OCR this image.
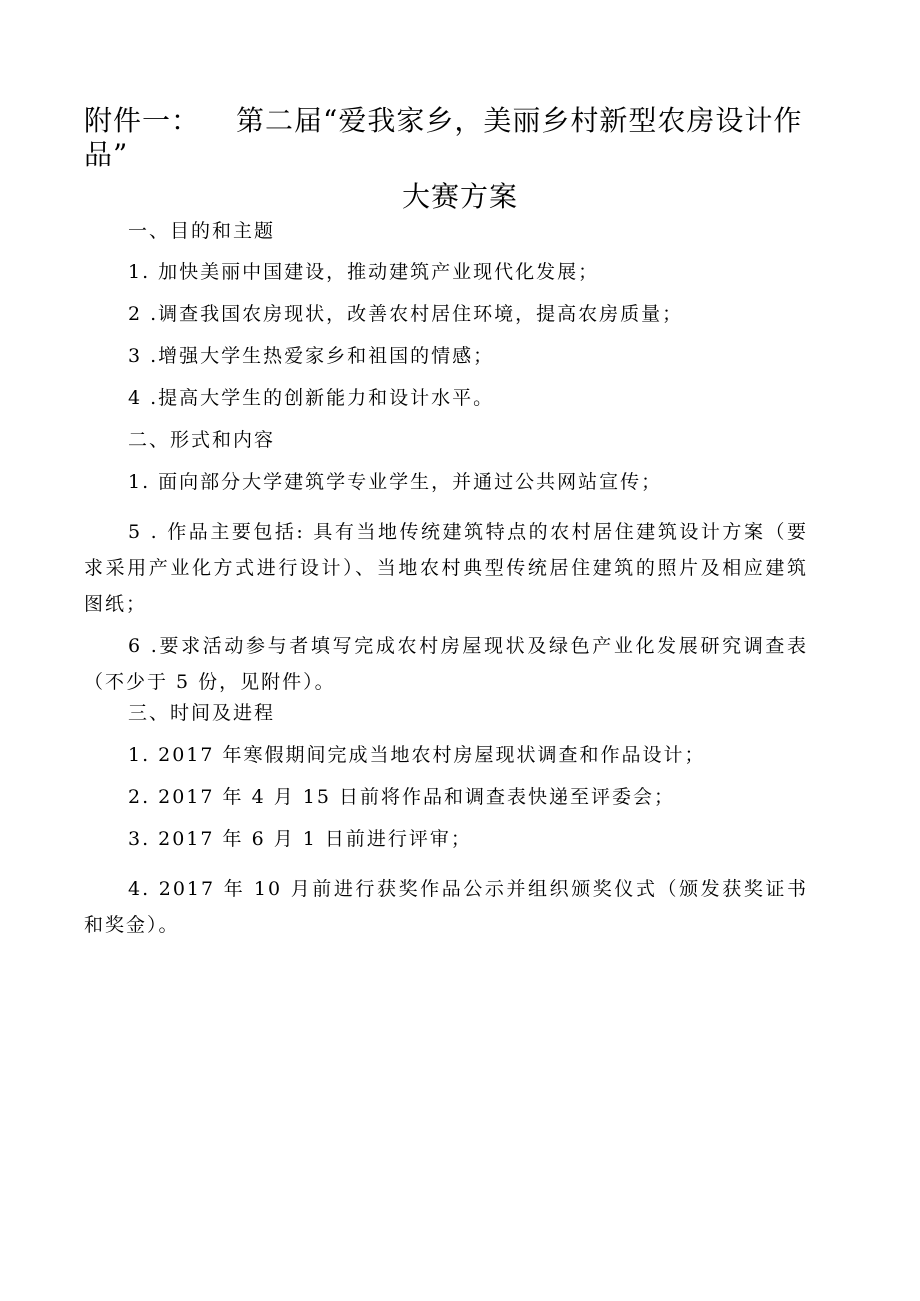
附件一： 第二届“爱我家乡，美丽乡村新型农房设计作
品”
大赛方案
一、目的和主题
1. 加快美丽中国建设，推动建筑产业现代化发展；
2 .调查我国农房现状，改善农村居住环境，提高农房质量；
3 .增强大学生热爱家乡和祖国的情感；
4 .提高大学生的创新能力和设计水平。
二、形式和内容
1. 面向部分大学建筑学专业学生，并通过公共网站宣传；
5 . 作品主要包括: 具有当地传统建筑特点的农村居住建筑设计方案（要求采用产业化方式进行设计）、当地农村典型传统居住建筑的照片及相应建筑图纸；
6 .要求活动参与者填写完成农村房屋现状及绿色产业化发展研究调查表（不少于 5 份，见附件）。
三、时间及进程
1. 2017 年寒假期间完成当地农村房屋现状调查和作品设计；
2. 2017 年 4 月 15 日前将作品和调查表快递至评委会；
3. 2017 年 6 月 1 日前进行评审；
4. 2017 年 10 月前进行获奖作品公示并组织颁奖仪式（颁发获奖证书和奖金）。
